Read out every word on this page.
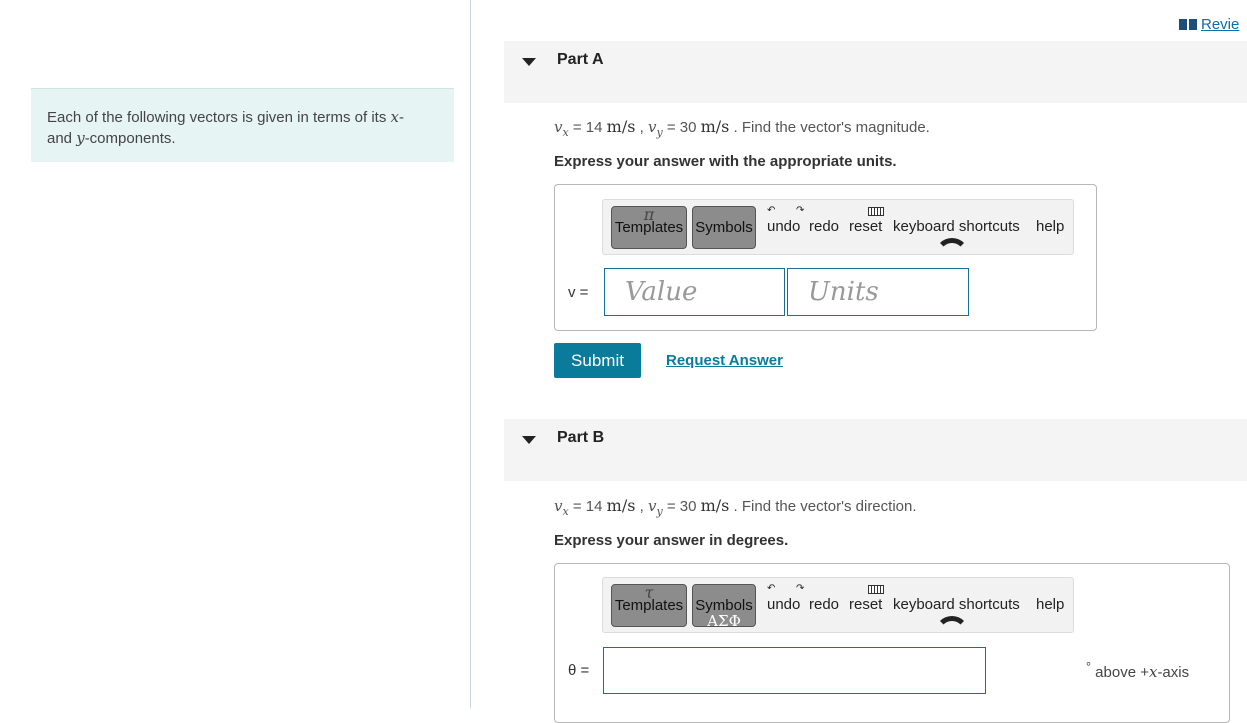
Each of the following vectors is given in terms of its x-
and y-components.
Revie
Part A
$v_x = 14$ m/s , $v_y = 30$ m/s . Find the vector's magnitude.
Express your answer with the appropriate units.
π
Templates Symbols
↶
undo
↷
redo reset keyboard shortcuts help
v =
Value
Units
Submit	Request Answer
Part B
$v_x = 14$ m/s , $v_y = 30$ m/s . Find the vector's direction.
Express your answer in degrees.
τ
Templates Symbols
ΑΣΦ
↶
undo
↷
redo reset keyboard shortcuts help
θ =	° above +x-axis
